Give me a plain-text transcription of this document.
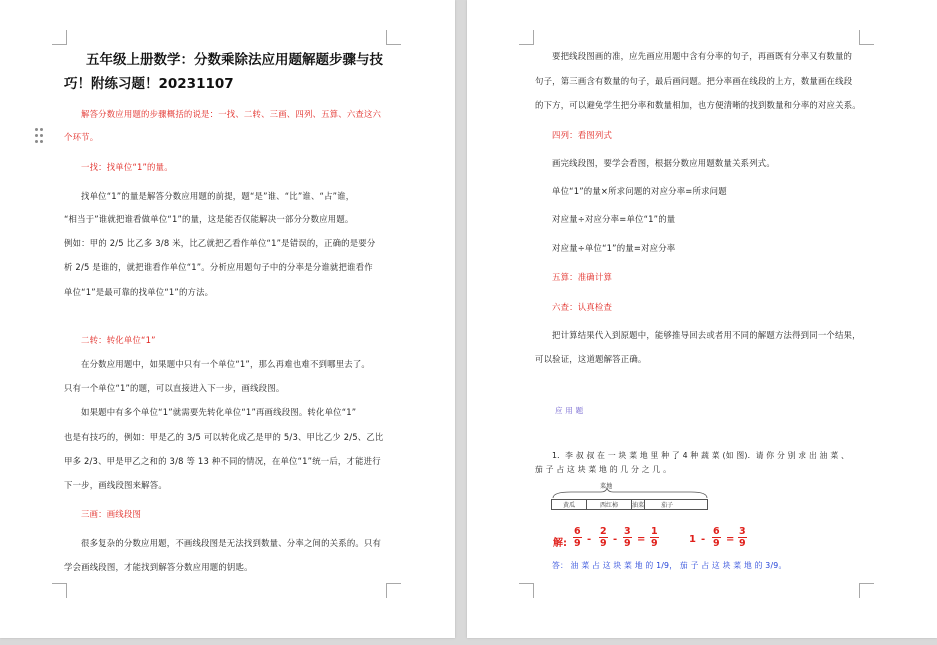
五年级上册数学：分数乘除法应用题解题步骤与技
巧！附练习题！20231107
解答分数应用题的步骤概括的说是：一找、二转、三画、四列、五算、六查这六
个环节。
一找：找单位“1”的量。
找单位“1”的量是解答分数应用题的前提，题“是”谁、“比”谁、“占”谁，
“相当于”谁就把谁看做单位“1”的量，这是能否仅能解决一部分分数应用题。
例如：甲的 2/5 比乙多 3/8 米，比乙就把乙看作单位“1”是错误的，正确的是要分
析 2/5 是谁的，就把谁看作单位“1”。分析应用题句子中的分率是分谁就把谁看作
单位“1”是最可靠的找单位“1”的方法。
二转：转化单位“1”
在分数应用题中，如果题中只有一个单位“1”，那么再难也难不到哪里去了。
只有一个单位“1”的题，可以直接进入下一步，画线段图。
如果题中有多个单位“1”就需要先转化单位“1”再画线段图。转化单位“1”
也是有技巧的，例如：甲是乙的 3/5 可以转化成乙是甲的 5/3、甲比乙少 2/5、乙比
甲多 2/3、甲是甲乙之和的 3/8 等 13 种不同的情况，在单位“1”统一后，才能进行
下一步，画线段图来解答。
三画：画线段图
很多复杂的分数应用题，不画线段图是无法找到数量、分率之间的关系的。只有
学会画线段图，才能找到解答分数应用题的钥匙。
要把线段图画的准，应先画应用题中含有分率的句子，再画既有分率又有数量的
句子，第三画含有数量的句子，最后画问题。把分率画在线段的上方，数量画在线段
的下方，可以避免学生把分率和数量相加，也方便清晰的找到数量和分率的对应关系。
四列：看图列式
画完线段图，要学会看图，根据分数应用题数量关系列式。
单位“1”的量×所求问题的对应分率=所求问题
对应量÷对应分率=单位“1”的量
对应量÷单位“1”的量=对应分率
五算：准确计算
六查：认真检查
把计算结果代入到原题中，能够推导回去或者用不同的解题方法得到同一个结果，
可以验证，这道题解答正确。
应 用 题
1．李 叔 叔 在 一 块 菜 地 里 种 了 4 种 蔬 菜 (如 图)．请 你 分 别 求 出 油 菜 、
茄 子 占 这 块 菜 地 的 几 分 之 几 。
菜地
黄瓜	西红柿	油菜	茄子
解: $\frac{6}{9} - \frac{2}{9} - \frac{3}{9} = \frac{1}{9}$	$1 - \frac{6}{9} = \frac{3}{9}$
答： 油 菜 占 这 块 菜 地 的 1/9， 茄 子 占 这 块 菜 地 的 3/9。
